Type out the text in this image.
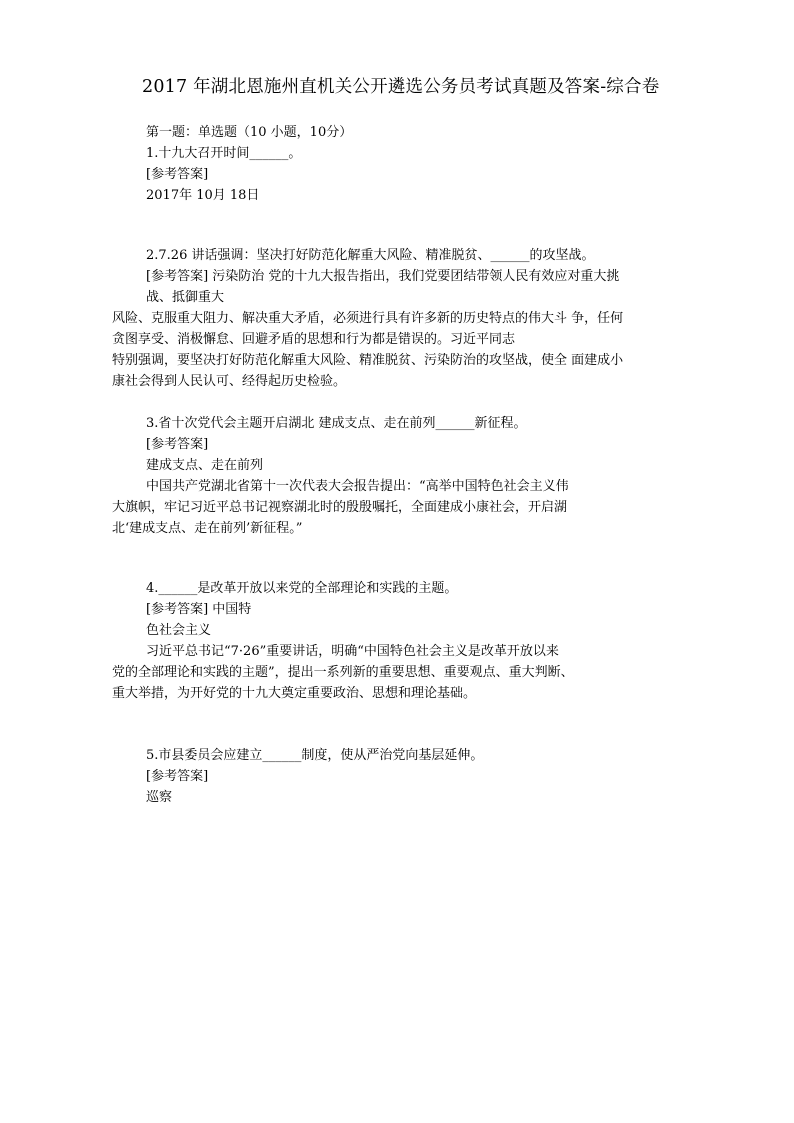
2017 年湖北恩施州直机关公开遴选公务员考试真题及答案-综合卷
第一题：单选题（10 小题，10分）
1.十九大召开时间______。
[参考答案]
2017年 10月 18日
2.7.26 讲话强调：坚决打好防范化解重大风险、精准脱贫、______的攻坚战。
[参考答案] 污染防治 党的十九大报告指出，我们党要团结带领人民有效应对重大挑
战、抵御重大
风险、克服重大阻力、解决重大矛盾，必须进行具有许多新的历史特点的伟大斗 争，任何
贪图享受、消极懈怠、回避矛盾的思想和行为都是错误的。习近平同志
特别强调，要坚决打好防范化解重大风险、精准脱贫、污染防治的攻坚战，使全 面建成小
康社会得到人民认可、经得起历史检验。
3.省十次党代会主题开启湖北 建成支点、走在前列______新征程。
[参考答案]
建成支点、走在前列
中国共产党湖北省第十一次代表大会报告提出：“高举中国特色社会主义伟
大旗帜，牢记习近平总书记视察湖北时的殷殷嘱托，全面建成小康社会，开启湖
北‘建成支点、走在前列’新征程。”
4.______是改革开放以来党的全部理论和实践的主题。
[参考答案] 中国特
色社会主义
习近平总书记“7·26”重要讲话，明确“中国特色社会主义是改革开放以来
党的全部理论和实践的主题”，提出一系列新的重要思想、重要观点、重大判断、
重大举措，为开好党的十九大奠定重要政治、思想和理论基础。
5.市县委员会应建立______制度，使从严治党向基层延伸。
[参考答案]
巡察
